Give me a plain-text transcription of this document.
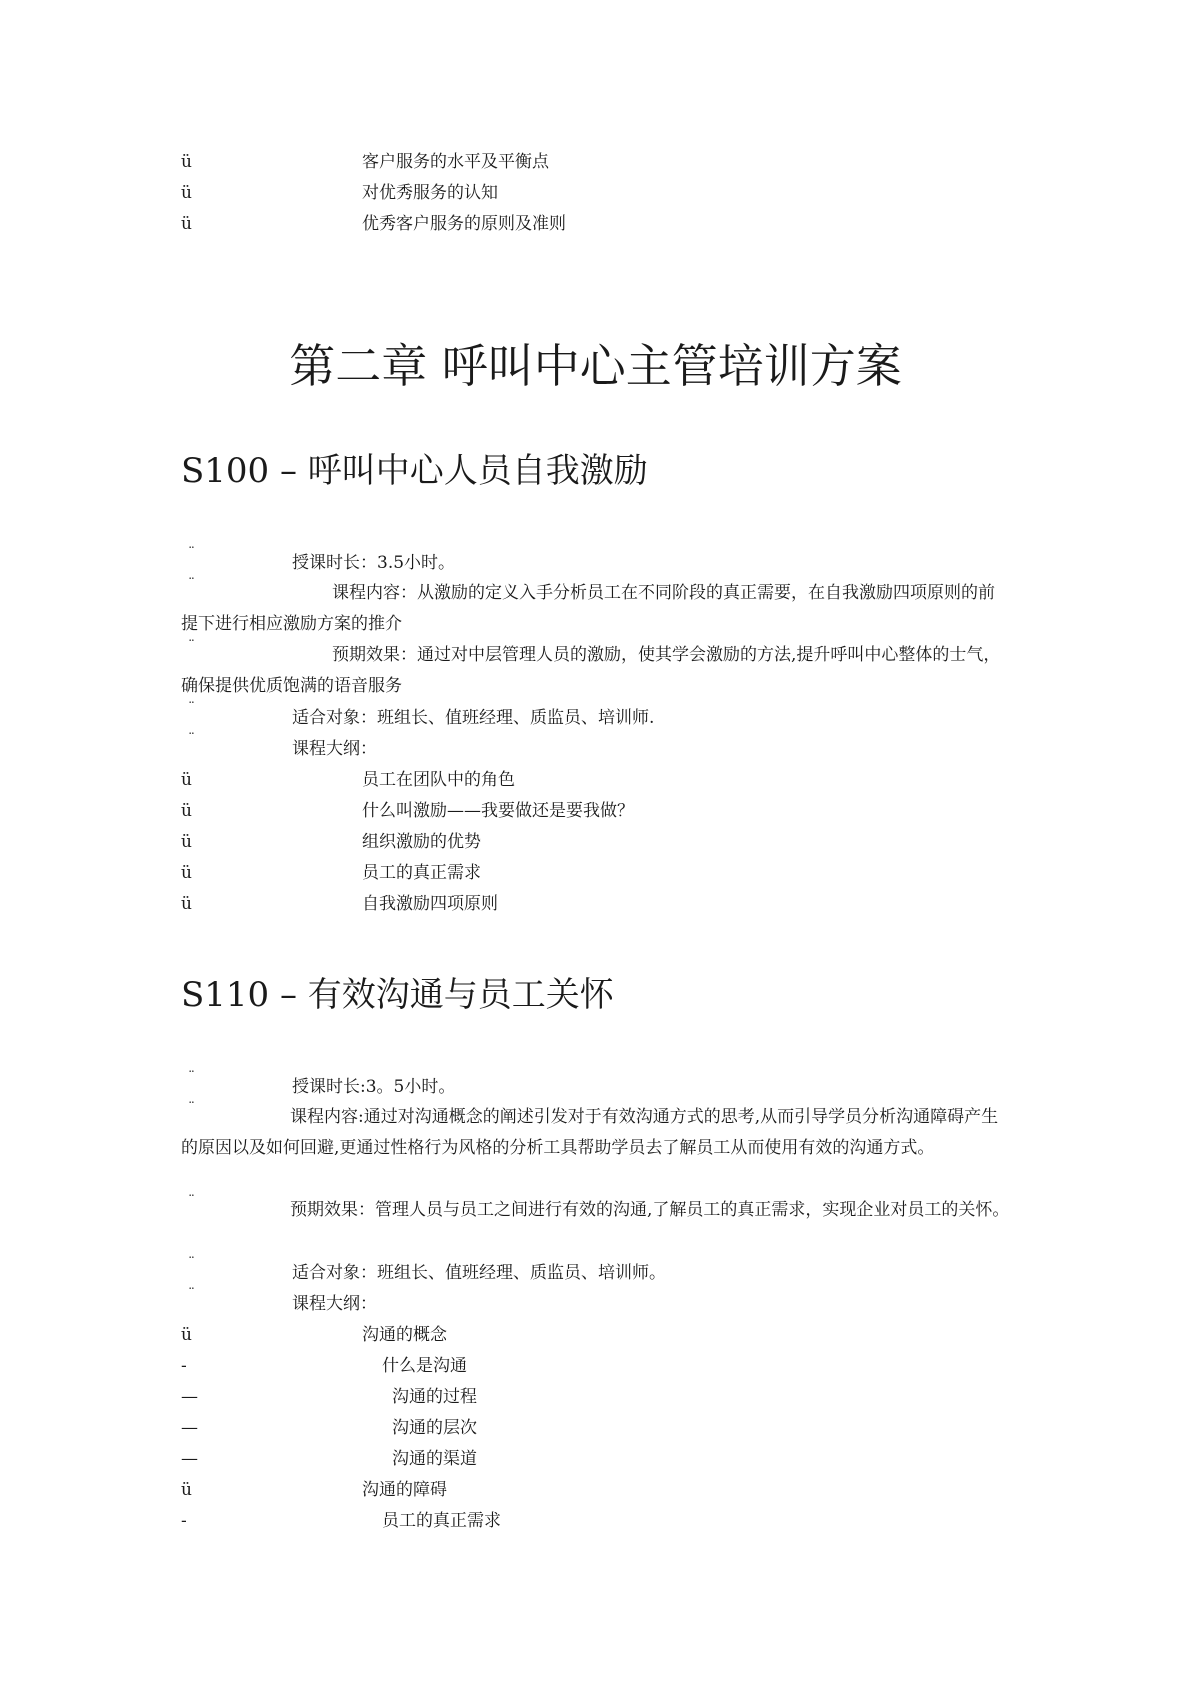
ü	客户服务的水平及平衡点
ü	对优秀服务的认知
ü	优秀客户服务的原则及准则
第二章 呼叫中心主管培训方案
S100 – 呼叫中心人员自我激励
¨	授课时长：3.5小时。
¨	课程内容：从激励的定义入手分析员工在不同阶段的真正需要，在自我激励四项原则的前提下进行相应激励方案的推介

¨	预期效果：通过对中层管理人员的激励，使其学会激励的方法,提升呼叫中心整体的士气，确保提供优质饱满的语音服务

¨	适合对象：班组长、值班经理、质监员、培训师.
¨	课程大纲：
ü	员工在团队中的角色
ü	什么叫激励——我要做还是要我做？
ü	组织激励的优势
ü	员工的真正需求
ü	自我激励四项原则
S110 – 有效沟通与员工关怀
¨	授课时长:3。5小时。
¨	课程内容:通过对沟通概念的阐述引发对于有效沟通方式的思考,从而引导学员分析沟通障碍产生的原因以及如何回避,更通过性格行为风格的分析工具帮助学员去了解员工从而使用有效的沟通方式。

¨	预期效果：管理人员与员工之间进行有效的沟通,了解员工的真正需求，实现企业对员工的关怀。

¨	适合对象：班组长、值班经理、质监员、培训师。
¨	课程大纲：
ü	沟通的概念
-	什么是沟通
—	沟通的过程
—	沟通的层次
—	沟通的渠道
ü	沟通的障碍
-	员工的真正需求
